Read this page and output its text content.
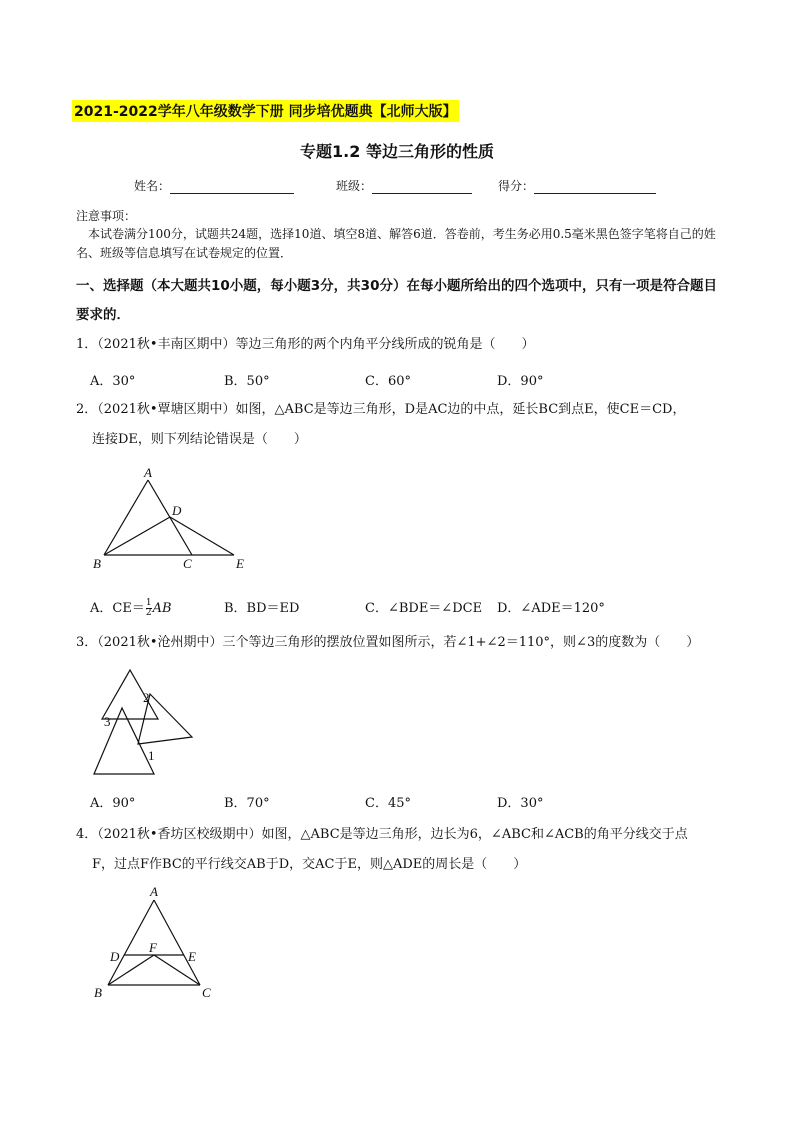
2021-2022学年八年级数学下册 同步培优题典【北师大版】
专题1.2 等边三角形的性质
姓名：	班级：	得分：
注意事项：
本试卷满分100分，试题共24题，选择10道、填空8道、解答6道．答卷前，考生务必用0.5毫米黑色签字笔将自己的姓名、班级等信息填写在试卷规定的位置．
一、选择题（本大题共10小题，每小题3分，共30分）在每小题所给出的四个选项中，只有一项是符合题目要求的．
1．（2021秋•丰南区期中）等边三角形的两个内角平分线所成的锐角是（　　）
A．30°	B．50°	C．60°	D．90°
2．（2021秋•覃塘区期中）如图，△ABC是等边三角形，D是AC边的中点，延长BC到点E，使CE＝CD，
连接DE，则下列结论错误是（　　）
A
B	C
D
E
A．$CE= \frac{1}{2}$ AB	B．BD＝ED	C．∠BDE＝∠DCE D．∠ADE＝120°
3．（2021秋•沧州期中）三个等边三角形的摆放位置如图所示，若∠1+∠2＝110°，则∠3的度数为（　　）
2
3
1
A．90°	B．70°	C．45°	D．30°
4．（2021秋•香坊区校级期中）如图，△ABC是等边三角形，边长为6，∠ABC和∠ACB的角平分线交于点
F，过点F作BC的平行线交AB于D，交AC于E，则△ADE的周长是（　　）
A
B	C
D	E
F
